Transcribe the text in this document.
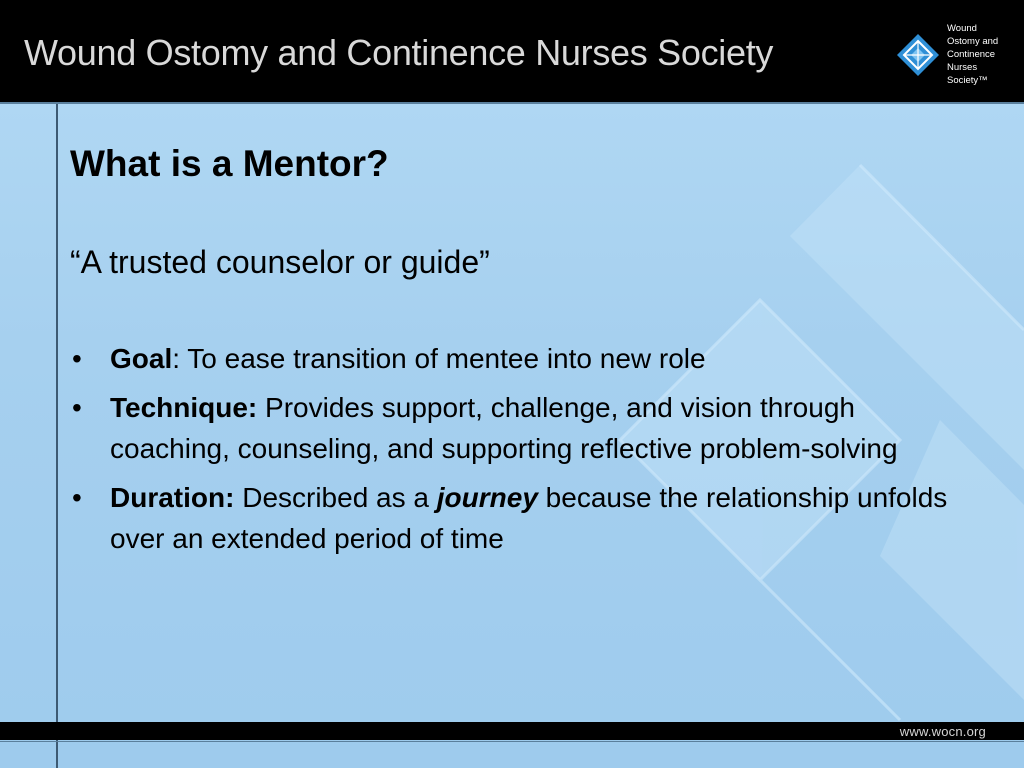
Wound Ostomy and Continence Nurses Society
Wound
Ostomy and
Continence
Nurses
Society™
What is a Mentor?

“A trusted counselor or guide”

• Goal: To ease transition of mentee into new role
• Technique: Provides support, challenge, and vision through coaching, counseling, and supporting reflective problem-solving
• Duration: Described as a journey because the relationship unfolds over an extended period of time
www.wocn.org
